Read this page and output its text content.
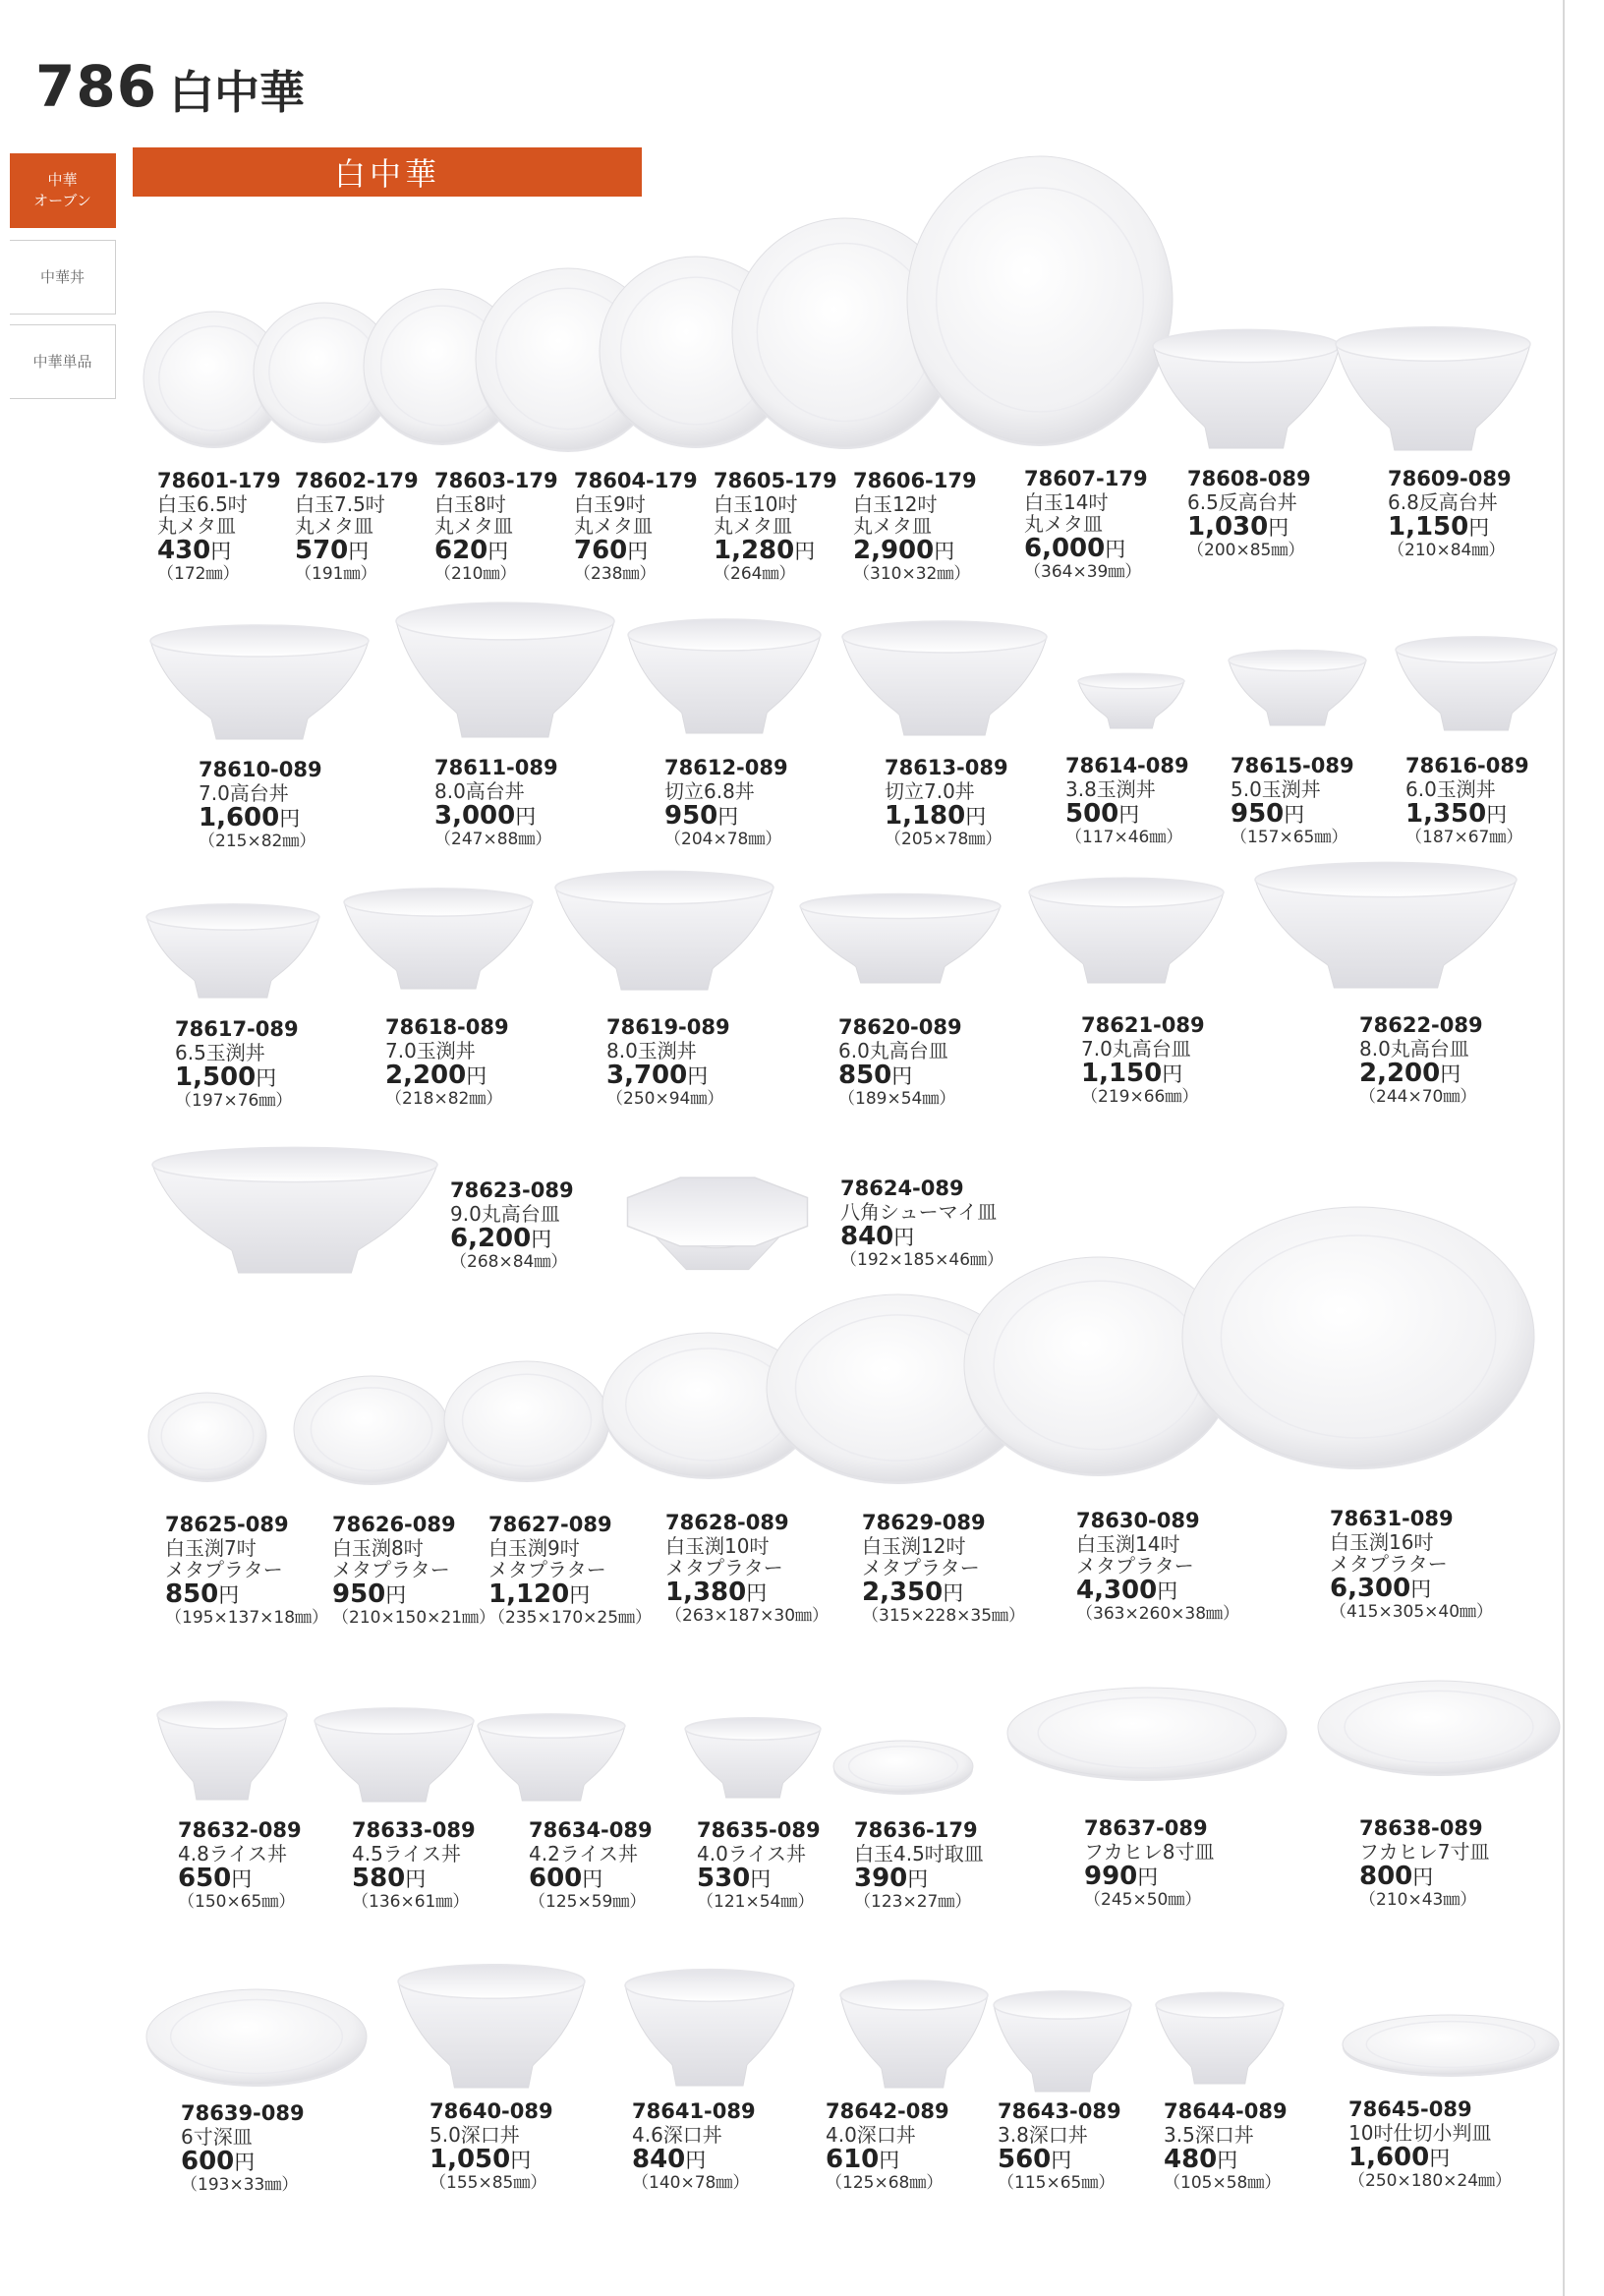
786 白中華
中華
オーブン
中華丼
中華単品
白中華
78601-179
白玉6.5吋
丸メタ皿
430円
（172㎜）
78602-179
白玉7.5吋
丸メタ皿
570円
（191㎜）
78603-179
白玉8吋
丸メタ皿
620円
（210㎜）
78604-179
白玉9吋
丸メタ皿
760円
（238㎜）
78605-179
白玉10吋
丸メタ皿
1,280円
（264㎜）
78606-179
白玉12吋
丸メタ皿
2,900円
（310×32㎜）
78607-179
白玉14吋
丸メタ皿
6,000円
（364×39㎜）
78608-089
6.5反高台丼
1,030円
（200×85㎜）
78609-089
6.8反高台丼
1,150円
（210×84㎜）
78610-089
7.0高台丼
1,600円
（215×82㎜）
78611-089
8.0高台丼
3,000円
（247×88㎜）
78612-089
切立6.8丼
950円
（204×78㎜）
78613-089
切立7.0丼
1,180円
（205×78㎜）
78614-089
3.8玉渕丼
500円
（117×46㎜）
78615-089
5.0玉渕丼
950円
（157×65㎜）
78616-089
6.0玉渕丼
1,350円
（187×67㎜）
78617-089
6.5玉渕丼
1,500円
（197×76㎜）
78618-089
7.0玉渕丼
2,200円
（218×82㎜）
78619-089
8.0玉渕丼
3,700円
（250×94㎜）
78620-089
6.0丸高台皿
850円
（189×54㎜）
78621-089
7.0丸高台皿
1,150円
（219×66㎜）
78622-089
8.0丸高台皿
2,200円
（244×70㎜）
78623-089
9.0丸高台皿
6,200円
（268×84㎜）
78624-089
八角シューマイ皿
840円
（192×185×46㎜）
78625-089
白玉渕7吋
メタプラター
850円
（195×137×18㎜）
78626-089
白玉渕8吋
メタプラター
950円
（210×150×21㎜）
78627-089
白玉渕9吋
メタプラター
1,120円
（235×170×25㎜）
78628-089
白玉渕10吋
メタプラター
1,380円
（263×187×30㎜）
78629-089
白玉渕12吋
メタプラター
2,350円
（315×228×35㎜）
78630-089
白玉渕14吋
メタプラター
4,300円
（363×260×38㎜）
78631-089
白玉渕16吋
メタプラター
6,300円
（415×305×40㎜）
78632-089
4.8ライス丼
650円
（150×65㎜）
78633-089
4.5ライス丼
580円
（136×61㎜）
78634-089
4.2ライス丼
600円
（125×59㎜）
78635-089
4.0ライス丼
530円
（121×54㎜）
78636-179
白玉4.5吋取皿
390円
（123×27㎜）
78637-089
フカヒレ8寸皿
990円
（245×50㎜）
78638-089
フカヒレ7寸皿
800円
（210×43㎜）
78639-089
6寸深皿
600円
（193×33㎜）
78640-089
5.0深口丼
1,050円
（155×85㎜）
78641-089
4.6深口丼
840円
（140×78㎜）
78642-089
4.0深口丼
610円
（125×68㎜）
78643-089
3.8深口丼
560円
（115×65㎜）
78644-089
3.5深口丼
480円
（105×58㎜）
78645-089
10吋仕切小判皿
1,600円
（250×180×24㎜）
